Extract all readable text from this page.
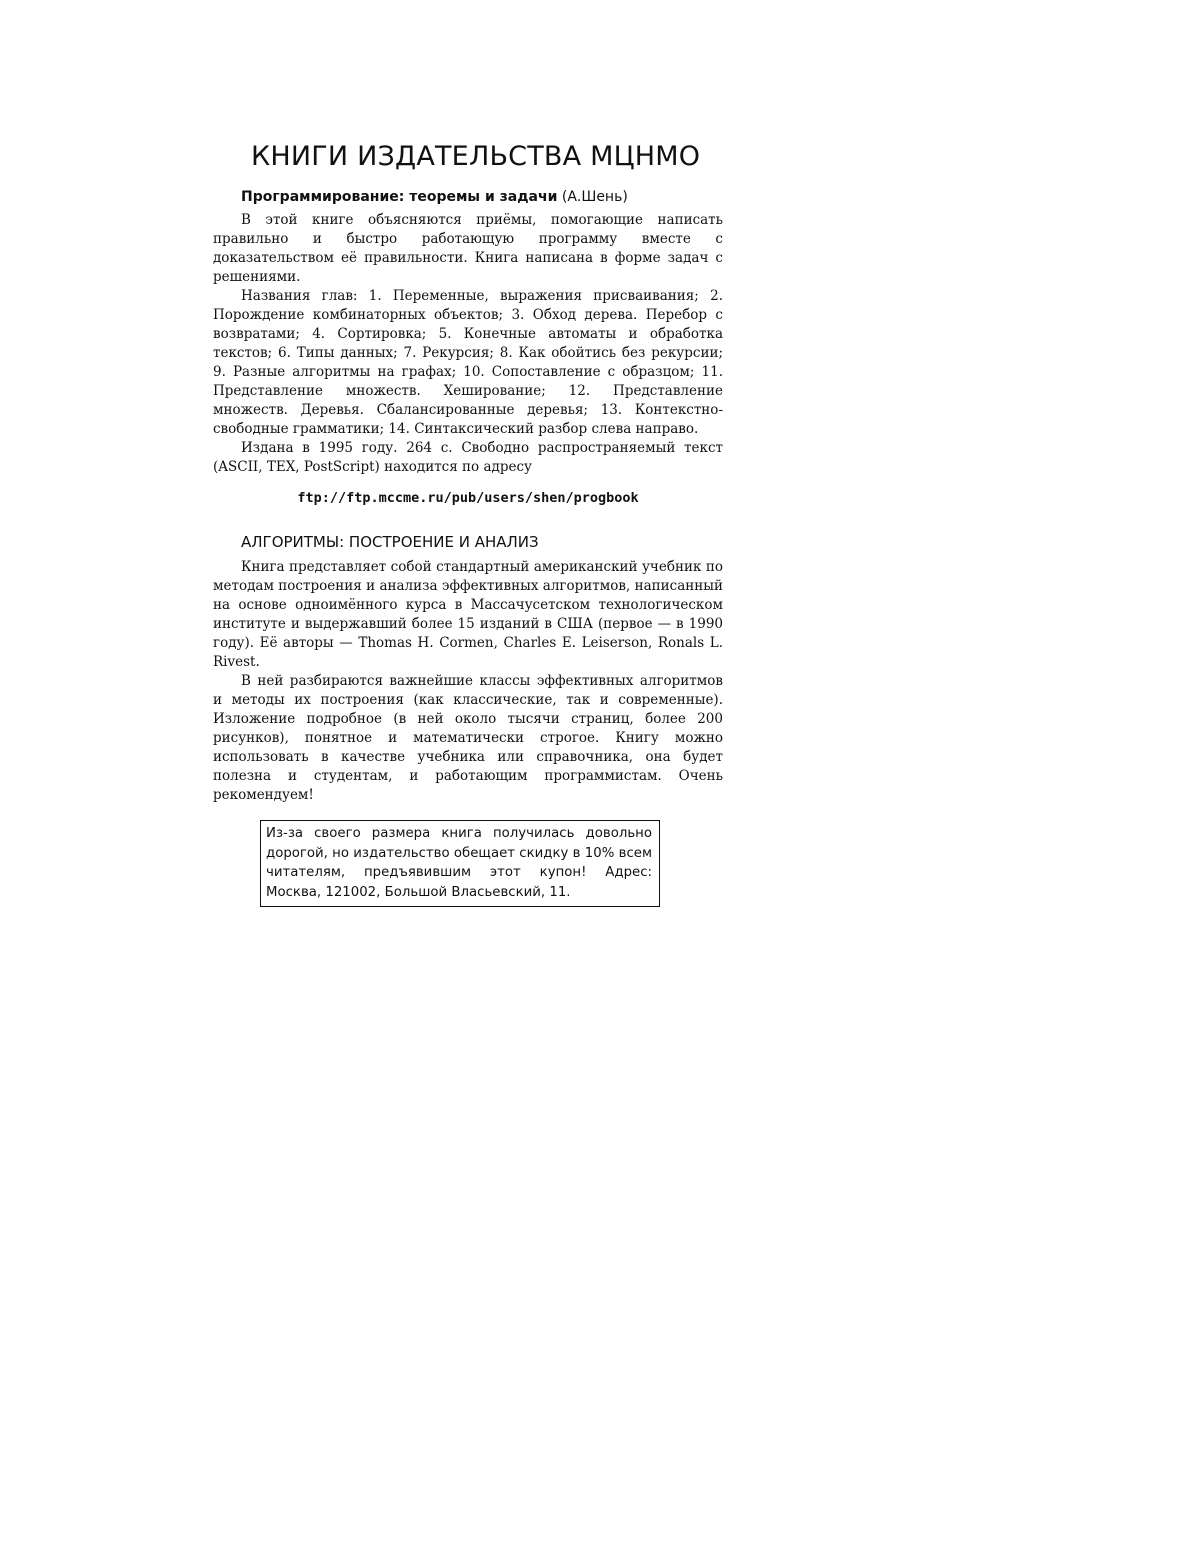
КНИГИ ИЗДАТЕЛЬСТВА МЦНМО
Программирование: теоремы и задачи (А.Шень)

В этой книге объясняются приёмы, помогающие написать правильно и быстро работающую программу вместе с доказательством её правильности. Книга написана в форме задач с решениями.

Названия глав: 1. Переменные, выражения присваивания; 2. Порождение комбинаторных объектов; 3. Обход дерева. Перебор с возвратами; 4. Сортировка; 5. Конечные автоматы и обработка текстов; 6. Типы данных; 7. Рекурсия; 8. Как обойтись без рекурсии; 9. Разные алгоритмы на графах; 10. Сопоставление с образцом; 11. Представление множеств. Хеширование; 12. Представление множеств. Деревья. Сбалансированные деревья; 13. Контекстно-свободные грамматики; 14. Синтаксический разбор слева направо.

Издана в 1995 году. 264 с. Свободно распространяемый текст (ASCII, TEX, PostScript) находится по адресу

ftp://ftp.mccme.ru/pub/users/shen/progbook
АЛГОРИТМЫ: ПОСТРОЕНИЕ И АНАЛИЗ

Книга представляет собой стандартный американский учебник по методам построения и анализа эффективных алгоритмов, написанный на основе одноимённого курса в Массачусетском технологическом институте и выдержавший более 15 изданий в США (первое — в 1990 году). Её авторы — Thomas H. Cormen, Charles E. Leiserson, Ronals L. Rivest.

В ней разбираются важнейшие классы эффективных алгоритмов и методы их построения (как классические, так и современные). Изложение подробное (в ней около тысячи страниц, более 200 рисунков), понятное и математически строгое. Книгу можно использовать в качестве учебника или справочника, она будет полезна и студентам, и работающим программистам. Очень рекомендуем!

Из-за своего размера книга получилась довольно дорогой, но издательство обещает скидку в 10% всем читателям, предъявившим этот купон! Адрес: Москва, 121002, Большой Власьевский, 11.
